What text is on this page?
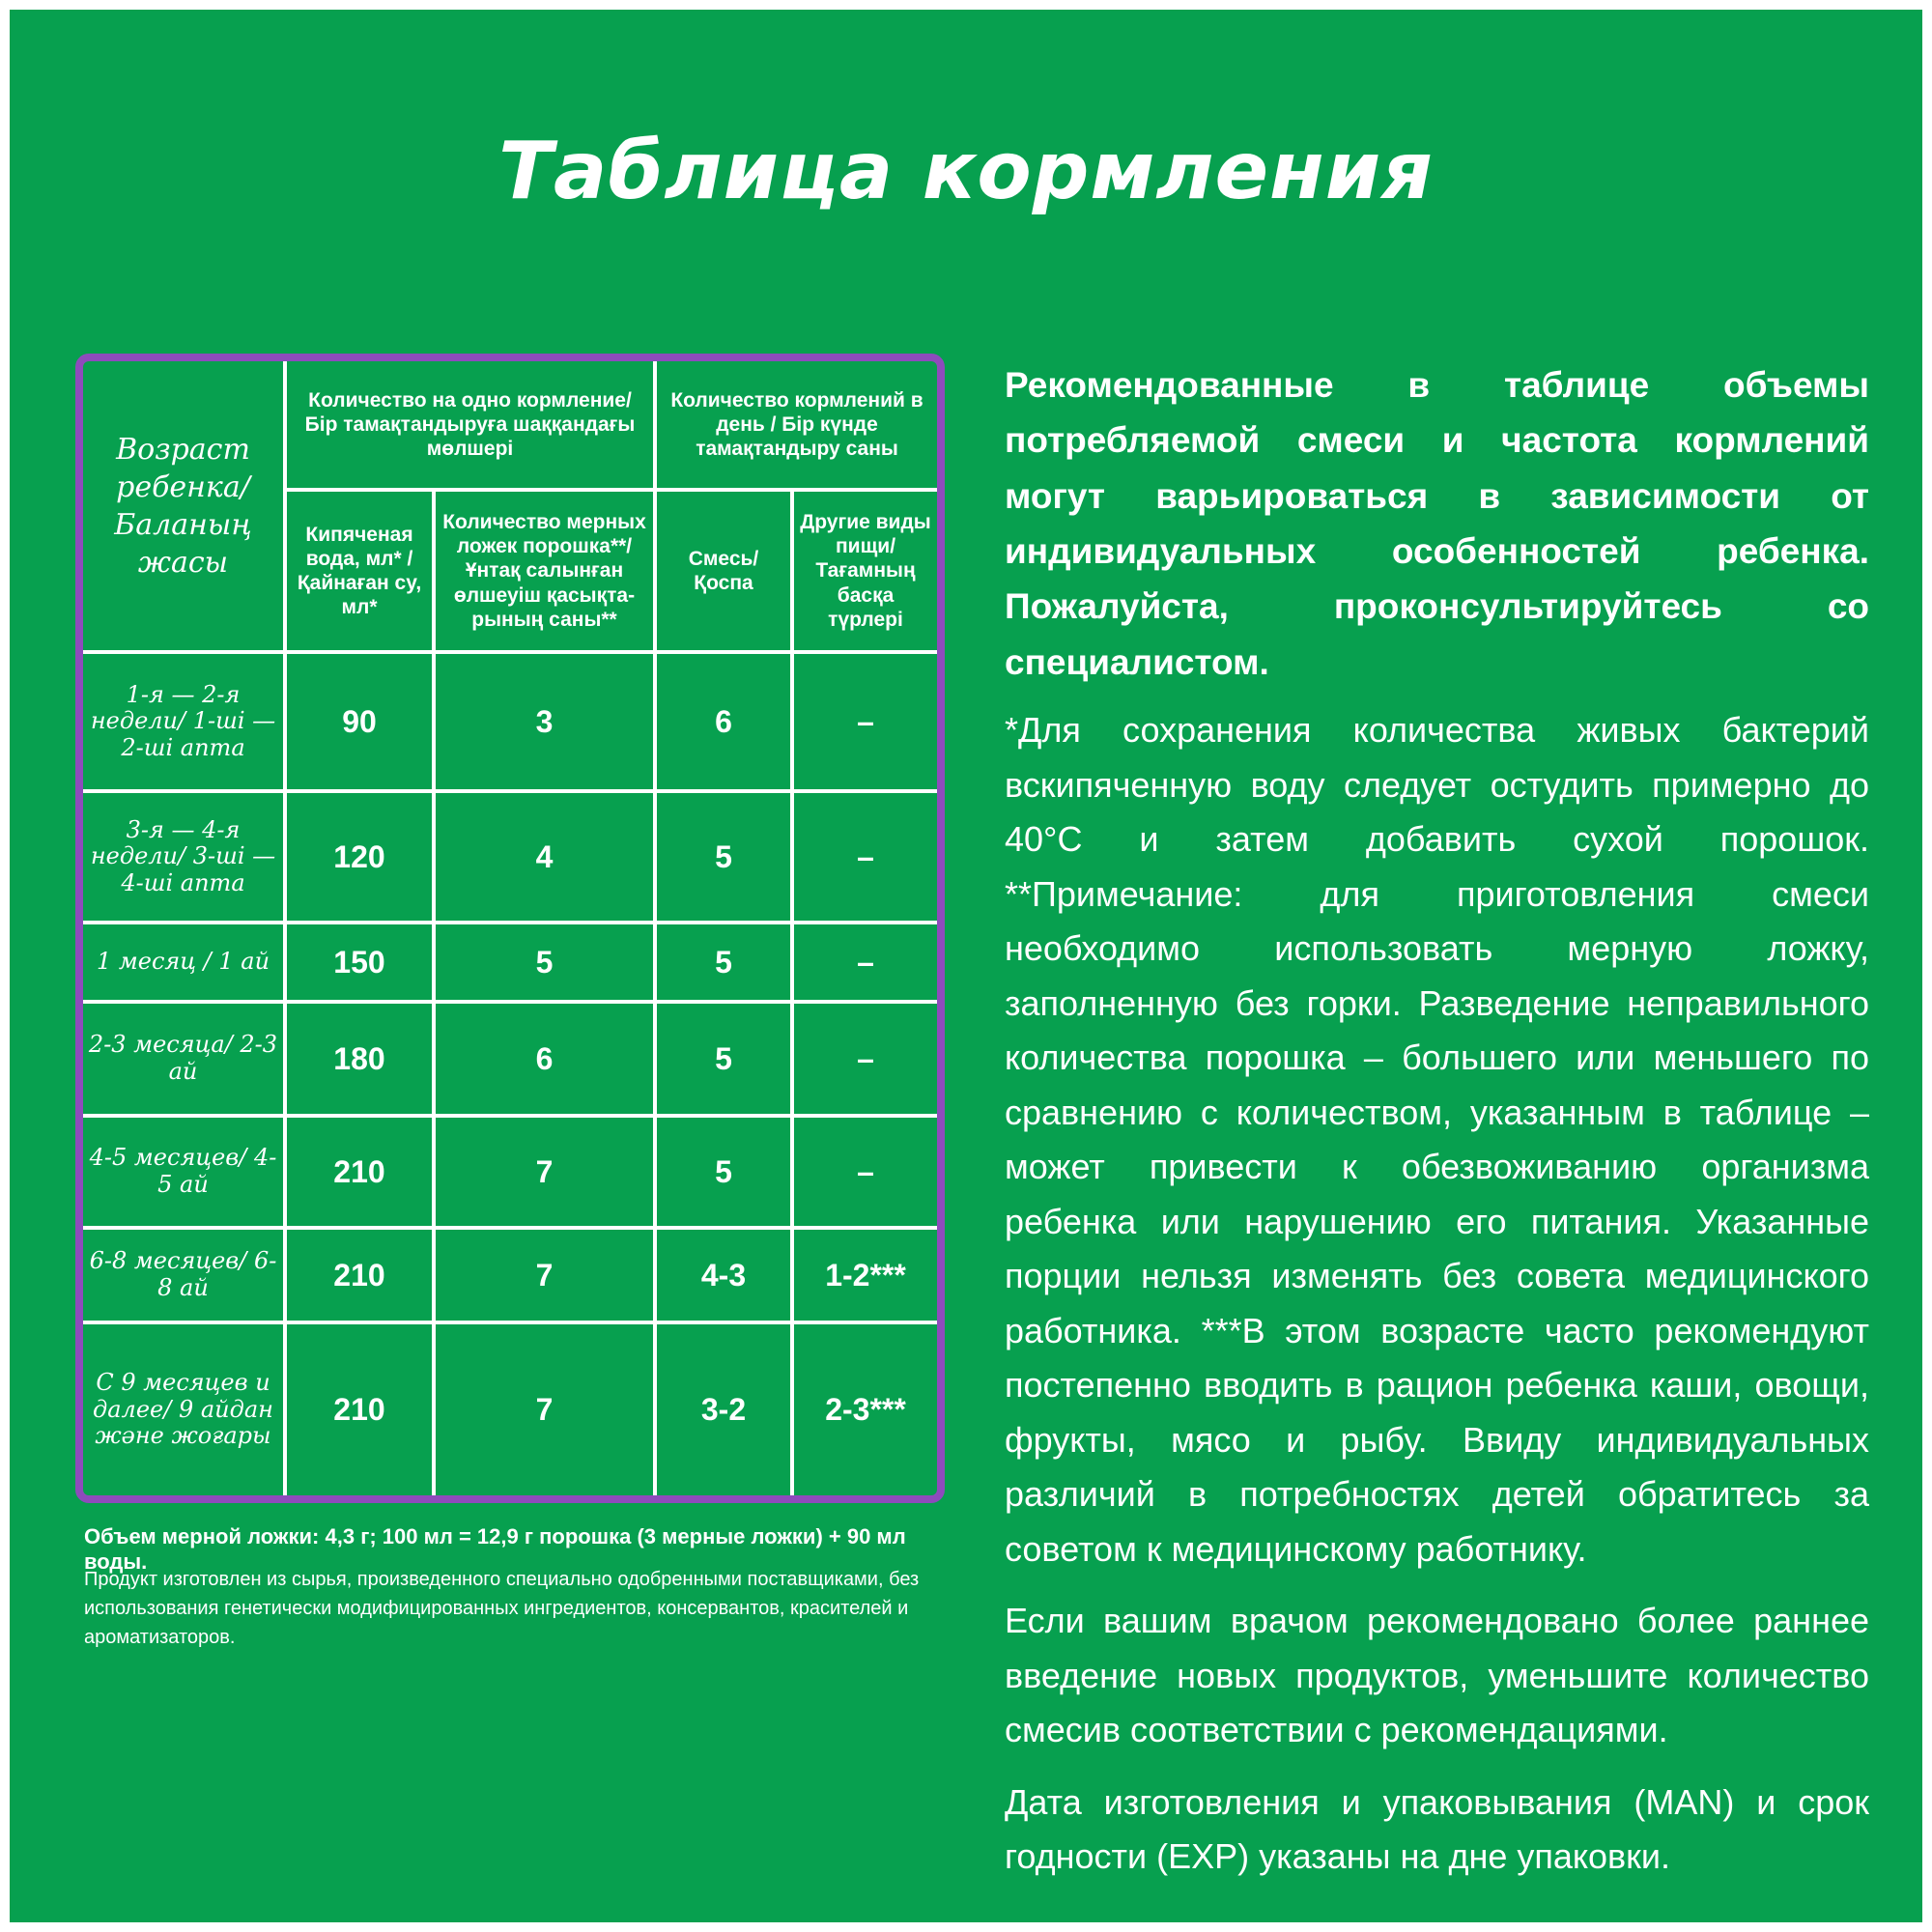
Таблица кормления
Возраст ребенка/ Баланың жасы	Количество на одно кормление/ Бір тамақтандыруға шаққандағы мөлшері		Количество кормлений в день / Бір күнде тамақтандыру саны	
	Кипяченая вода, мл* / Қайнаған су, мл*	Количество мерных ложек порошка**/ Ұнтақ салынған өлшеуіш қасықта-рының саны**	Смесь/ Қоспа	Другие виды пищи/ Тағамның басқа түрлері
1-я — 2-я недели/ 1-ші — 2-ші апта	90	3	6	–
3-я — 4-я недели/ 3-ші — 4-ші апта	120	4	5	–
1 месяц / 1 ай	150	5	5	–
2-3 месяца/ 2-3 ай	180	6	5	–
4-5 месяцев/ 4-5 ай	210	7	5	–
6-8 месяцев/ 6-8 ай	210	7	4-3	1-2***
С 9 месяцев и далее/ 9 айдан және жоғары	210	7	3-2	2-3***
Объем мерной ложки: 4,3 г; 100 мл = 12,9 г порошка (3 мерные ложки) + 90 мл воды.
Продукт изготовлен из сырья, произведенного специально одобренными поставщиками, без использования генетически модифицированных ингредиентов, консервантов, красителей и ароматизаторов.

Рекомендованные в таблице объемы потребляемой смеси и частота кормлений могут варьироваться в зависимости от индивидуальных особенностей ребенка. Пожалуйста, проконсультируйтесь со специалистом.

*Для сохранения количества живых бактерий вскипяченную воду следует остудить примерно до 40°С и затем добавить сухой порошок. **Примечание: для приготовления смеси необходимо использовать мерную ложку, заполненную без горки. Разведение неправильного количества порошка – большего или меньшего по сравнению с количеством, указанным в таблице – может привести к обезвоживанию организма ребенка или нарушению его питания. Указанные порции нельзя изменять без совета медицинского работника. ***В этом возрасте часто рекомендуют постепенно вводить в рацион ребенка каши, овощи, фрукты, мясо и рыбу. Ввиду индивидуальных различий в потребностях детей обратитесь за советом к медицинскому работнику.

Если вашим врачом рекомендовано более раннее введение новых продуктов, уменьшите количество смесив соответствии с рекомендациями.

Дата изготовления и упаковывания (MAN) и срок годности (EXP) указаны на дне упаковки.
